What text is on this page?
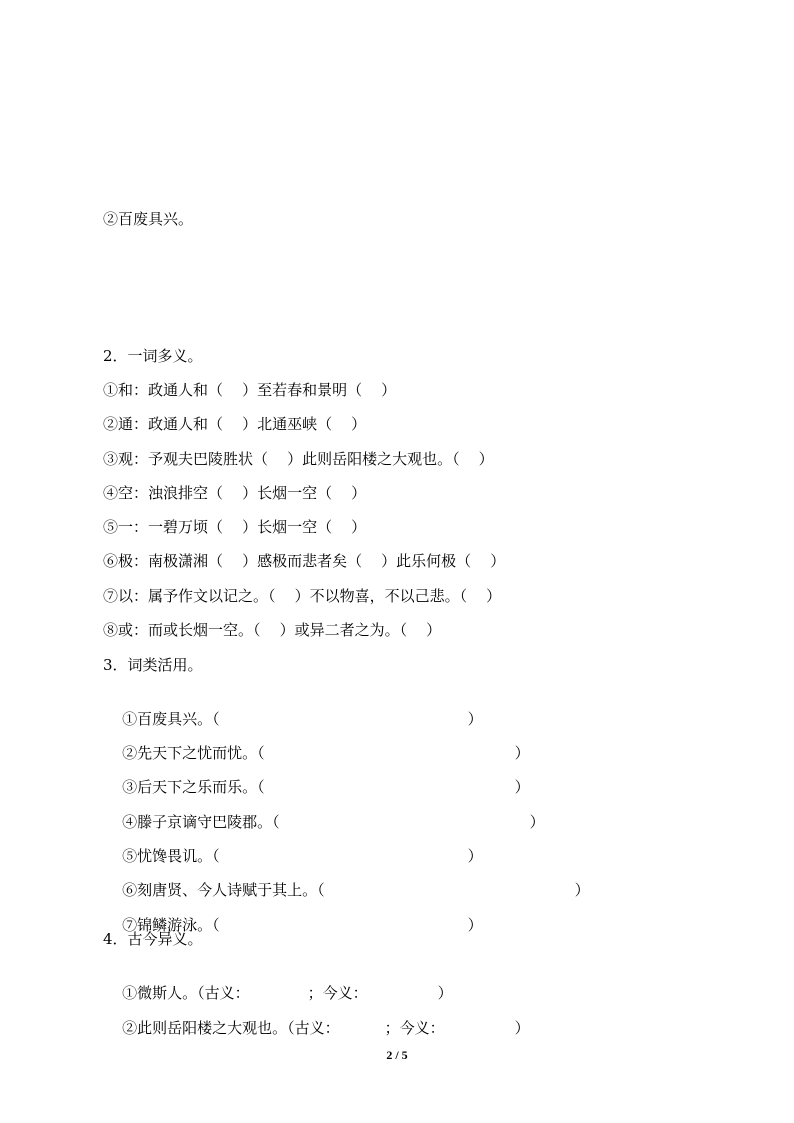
②百废具兴。
2．一词多义。
①和：政通人和（    ）至若春和景明（    ）
②通：政通人和（    ）北通巫峡（    ）
③观：予观夫巴陵胜状（    ）此则岳阳楼之大观也。（    ）
④空：浊浪排空（    ）长烟一空（    ）
⑤一：一碧万顷（    ）长烟一空（    ）
⑥极：南极潇湘（    ）感极而悲者矣（    ）此乐何极（    ）
⑦以：属予作文以记之。（    ）不以物喜，不以己悲。（    ）
⑧或：而或长烟一空。（    ）或异二者之为。（    ）
3．词类活用。

①百废具兴。（	）

②先天下之忧而忧。（	）

③后天下之乐而乐。（	）

④滕子京谪守巴陵郡。（	）

⑤忧馋畏讥。（	）

⑥刻唐贤、今人诗赋于其上。（	）

⑦锦鳞游泳。（	）

4．古今异义。

①微斯人。（古义：	；今义：	）

②此则岳阳楼之大观也。（古义：	；今义：	）

2 / 5
